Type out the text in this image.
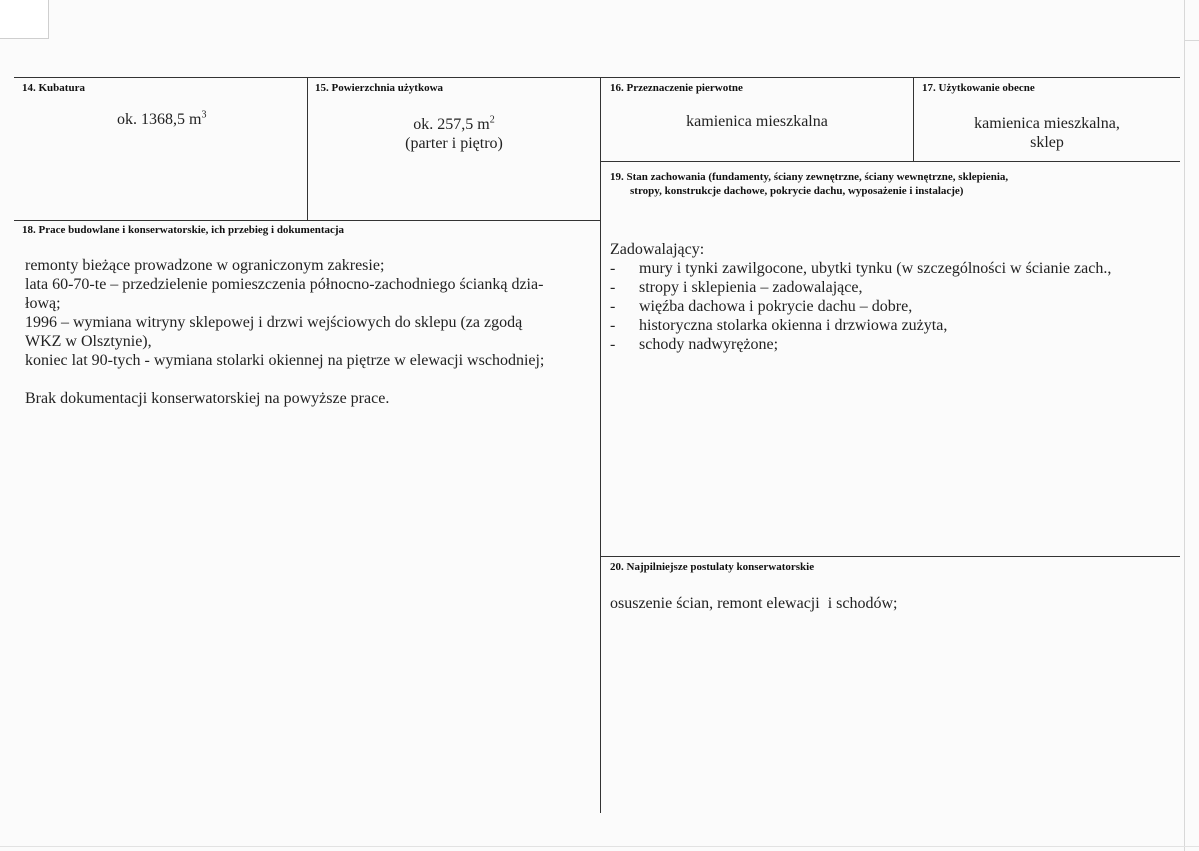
14. Kubatura
ok. 1368,5 $m^3$
15. Powierzchnia użytkowa
ok. 257,5 $m^2$
(parter i piętro)
16. Przeznaczenie pierwotne
kamienica mieszkalna
17. Użytkowanie obecne
kamienica mieszkalna,
sklep
19. Stan zachowania (fundamenty, ściany zewnętrzne, ściany wewnętrzne, sklepienia,
stropy, konstrukcje dachowe, pokrycie dachu, wyposażenie i instalacje)

Zadowalający:

- mury i tynki zawilgocone, ubytki tynku (w szczególności w ścianie zach.,
- stropy i sklepienia – zadowalające,
- więźba dachowa i pokrycie dachu – dobre,
- historyczna stolarka okienna i drzwiowa zużyta,
- schody nadwyrężone;
18. Prace budowlane i konserwatorskie, ich przebieg i dokumentacja

remonty bieżące prowadzone w ograniczonym zakresie;

lata 60-70-te – przedzielenie pomieszczenia północno-zachodniego ścianką dzia-

łową;

1996 – wymiana witryny sklepowej i drzwi wejściowych do sklepu (za zgodą

WKZ w Olsztynie),

koniec lat 90-tych - wymiana stolarki okiennej na piętrze w elewacji wschodniej;

Brak dokumentacji konserwatorskiej na powyższe prace.

20. Najpilniejsze postulaty konserwatorskie
osuszenie ścian, remont elewacji  i schodów;
